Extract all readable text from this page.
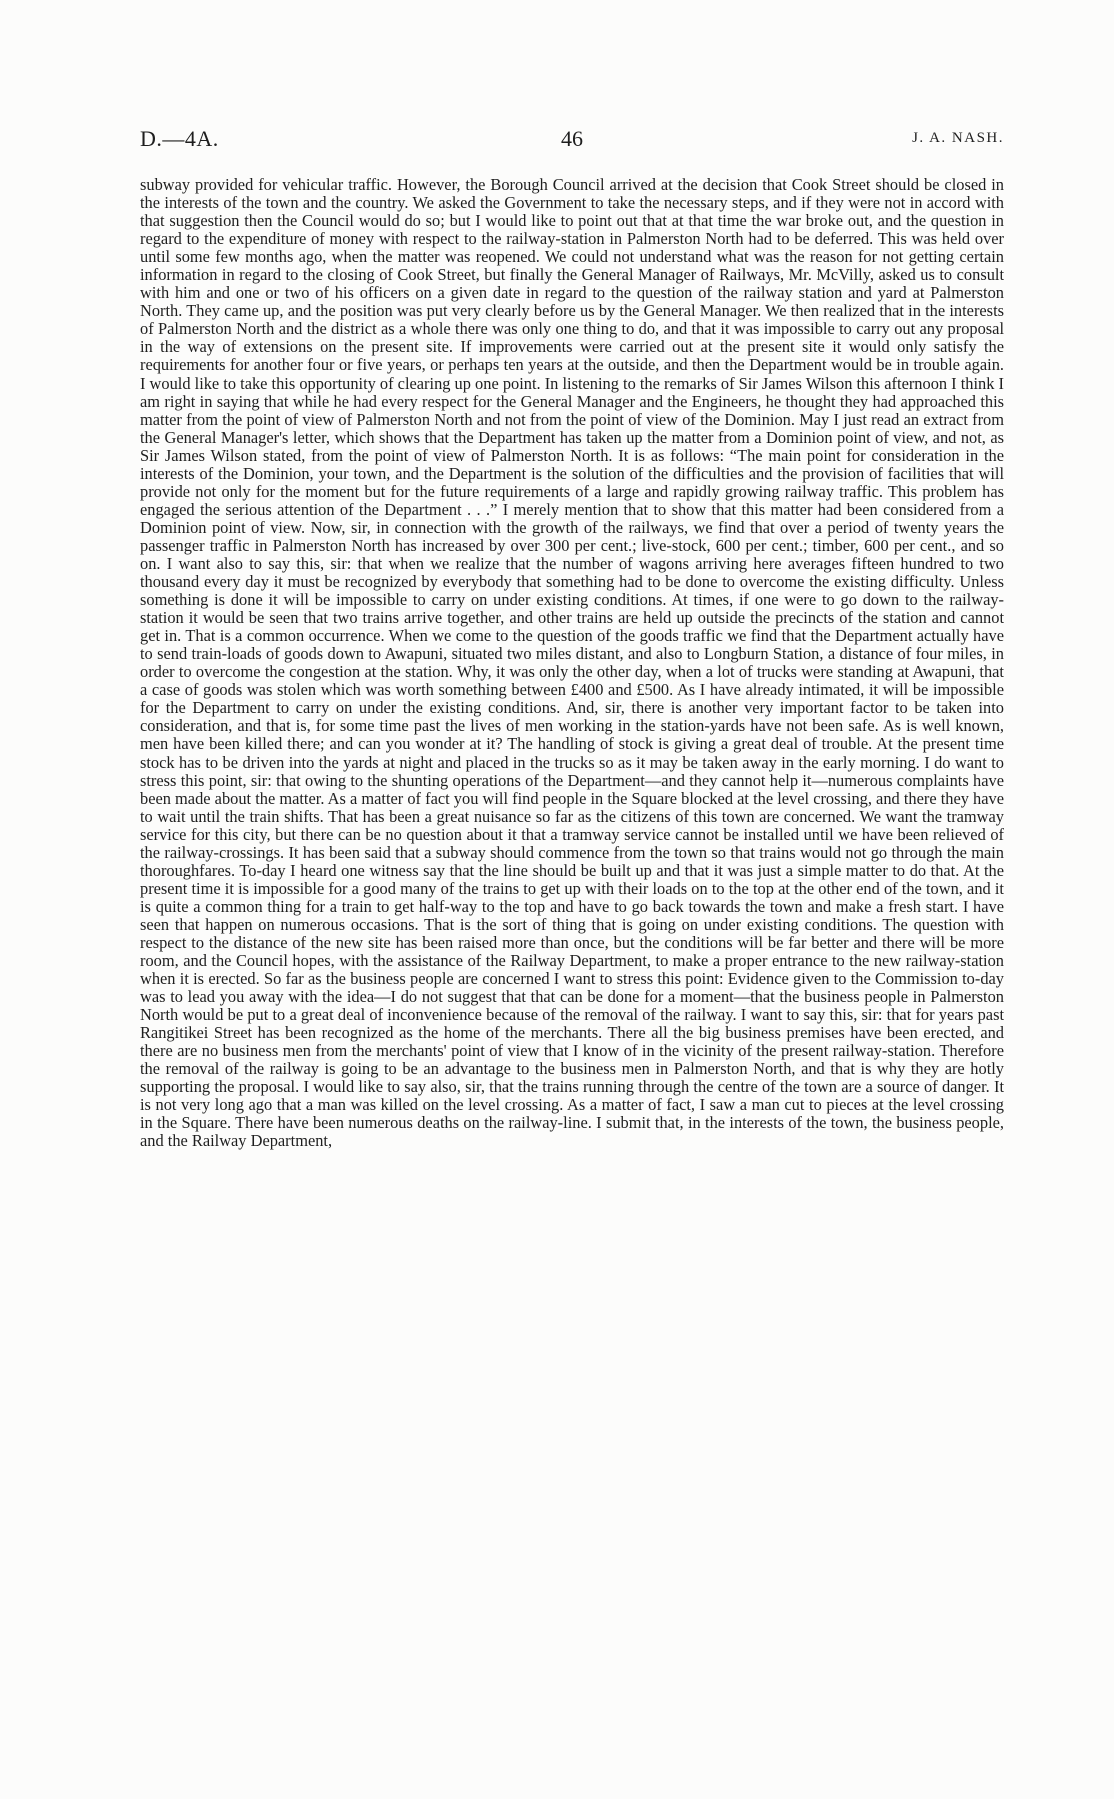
D.—4A.	46	J. A. NASH.

subway provided for vehicular traffic. However, the Borough Council arrived at the decision that Cook Street should be closed in the interests of the town and the country. We asked the Government to take the necessary steps, and if they were not in accord with that suggestion then the Council would do so; but I would like to point out that at that time the war broke out, and the question in regard to the expenditure of money with respect to the railway-station in Palmerston North had to be deferred. This was held over until some few months ago, when the matter was reopened. We could not understand what was the reason for not getting certain information in regard to the closing of Cook Street, but finally the General Manager of Railways, Mr. McVilly, asked us to consult with him and one or two of his officers on a given date in regard to the question of the railway station and yard at Palmerston North. They came up, and the position was put very clearly before us by the General Manager. We then realized that in the interests of Palmerston North and the district as a whole there was only one thing to do, and that it was impossible to carry out any proposal in the way of extensions on the present site. If improvements were carried out at the present site it would only satisfy the requirements for another four or five years, or perhaps ten years at the outside, and then the Department would be in trouble again. I would like to take this opportunity of clearing up one point. In listening to the remarks of Sir James Wilson this afternoon I think I am right in saying that while he had every respect for the General Manager and the Engineers, he thought they had approached this matter from the point of view of Palmerston North and not from the point of view of the Dominion. May I just read an extract from the General Manager's letter, which shows that the Department has taken up the matter from a Dominion point of view, and not, as Sir James Wilson stated, from the point of view of Palmerston North. It is as follows: “The main point for consideration in the interests of the Dominion, your town, and the Department is the solution of the difficulties and the provision of facilities that will provide not only for the moment but for the future requirements of a large and rapidly growing railway traffic. This problem has engaged the serious attention of the Department . . .” I merely mention that to show that this matter had been considered from a Dominion point of view. Now, sir, in connection with the growth of the railways, we find that over a period of twenty years the passenger traffic in Palmerston North has increased by over 300 per cent.; live-stock, 600 per cent.; timber, 600 per cent., and so on. I want also to say this, sir: that when we realize that the number of wagons arriving here averages fifteen hundred to two thousand every day it must be recognized by everybody that something had to be done to overcome the existing difficulty. Unless something is done it will be impossible to carry on under existing conditions. At times, if one were to go down to the railway-station it would be seen that two trains arrive together, and other trains are held up outside the precincts of the station and cannot get in. That is a common occurrence. When we come to the question of the goods traffic we find that the Department actually have to send train-loads of goods down to Awapuni, situated two miles distant, and also to Longburn Station, a distance of four miles, in order to overcome the congestion at the station. Why, it was only the other day, when a lot of trucks were standing at Awapuni, that a case of goods was stolen which was worth something between £400 and £500. As I have already intimated, it will be impossible for the Department to carry on under the existing conditions. And, sir, there is another very important factor to be taken into consideration, and that is, for some time past the lives of men working in the station-yards have not been safe. As is well known, men have been killed there; and can you wonder at it? The handling of stock is giving a great deal of trouble. At the present time stock has to be driven into the yards at night and placed in the trucks so as it may be taken away in the early morning. I do want to stress this point, sir: that owing to the shunting operations of the Department—and they cannot help it—numerous complaints have been made about the matter. As a matter of fact you will find people in the Square blocked at the level crossing, and there they have to wait until the train shifts. That has been a great nuisance so far as the citizens of this town are concerned. We want the tramway service for this city, but there can be no question about it that a tramway service cannot be installed until we have been relieved of the railway-crossings. It has been said that a subway should commence from the town so that trains would not go through the main thoroughfares. To-day I heard one witness say that the line should be built up and that it was just a simple matter to do that. At the present time it is impossible for a good many of the trains to get up with their loads on to the top at the other end of the town, and it is quite a common thing for a train to get half-way to the top and have to go back towards the town and make a fresh start. I have seen that happen on numerous occasions. That is the sort of thing that is going on under existing conditions. The question with respect to the distance of the new site has been raised more than once, but the conditions will be far better and there will be more room, and the Council hopes, with the assistance of the Railway Department, to make a proper entrance to the new railway-station when it is erected. So far as the business people are concerned I want to stress this point: Evidence given to the Commission to-day was to lead you away with the idea—I do not suggest that that can be done for a moment—that the business people in Palmerston North would be put to a great deal of inconvenience because of the removal of the railway. I want to say this, sir: that for years past Rangitikei Street has been recognized as the home of the merchants. There all the big business premises have been erected, and there are no business men from the merchants' point of view that I know of in the vicinity of the present railway-station. Therefore the removal of the railway is going to be an advantage to the business men in Palmerston North, and that is why they are hotly supporting the proposal. I would like to say also, sir, that the trains running through the centre of the town are a source of danger. It is not very long ago that a man was killed on the level crossing. As a matter of fact, I saw a man cut to pieces at the level crossing in the Square. There have been numerous deaths on the railway-line. I submit that, in the interests of the town, the business people, and the Railway Department,
